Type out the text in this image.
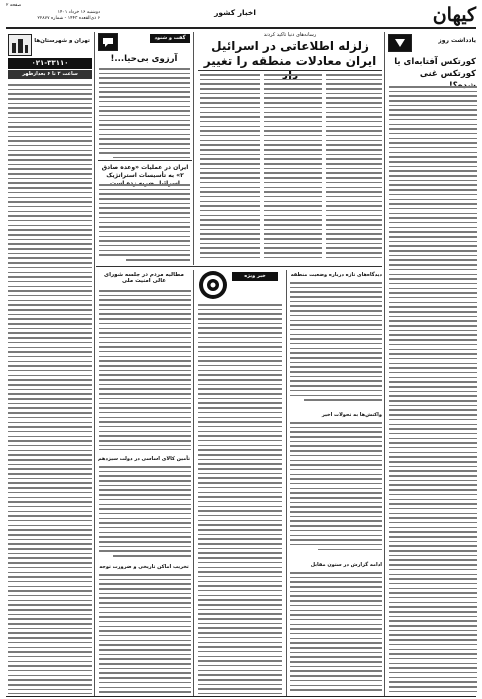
کیهان
اخبار کشور
دوشنبه ۱۶ خرداد ۱۴۰۱
۶ ذی‌القعده ۱۴۴۳ - شماره ۲۲۸۷۷
صفحه ۲
یادداشت روز
کورتکس آفتابه‌ای یا کورتکس غنی
رسانه‌های دنیا تاکید کردند
زلزله اطلاعاتی در اسرائیل
ایران معادلات منطقه را تغییر
گفت و شنود
آرزوی بی‌حیا...!
ایران در عملیات «وعده صادق ۲» به تأسیسات استراتژیک
تهران و شهرستان‌ها
۰۲۱-۳۳۱۱۰
ساعت ۲ تا ۶ بعدازظهر
خبر ویژه	دیدگاه‌های تازه درباره وضعیت منطقه
واکنش‌ها به تحولات اخیر
ادامه گزارش در ستون مقابل
مطالبه مردم در جلسه شورای عالی امنیت ملی
تأمین کالای اساسی در دولت سیزدهم
تخریب اماکن تاریخی و ضرورت توجه
